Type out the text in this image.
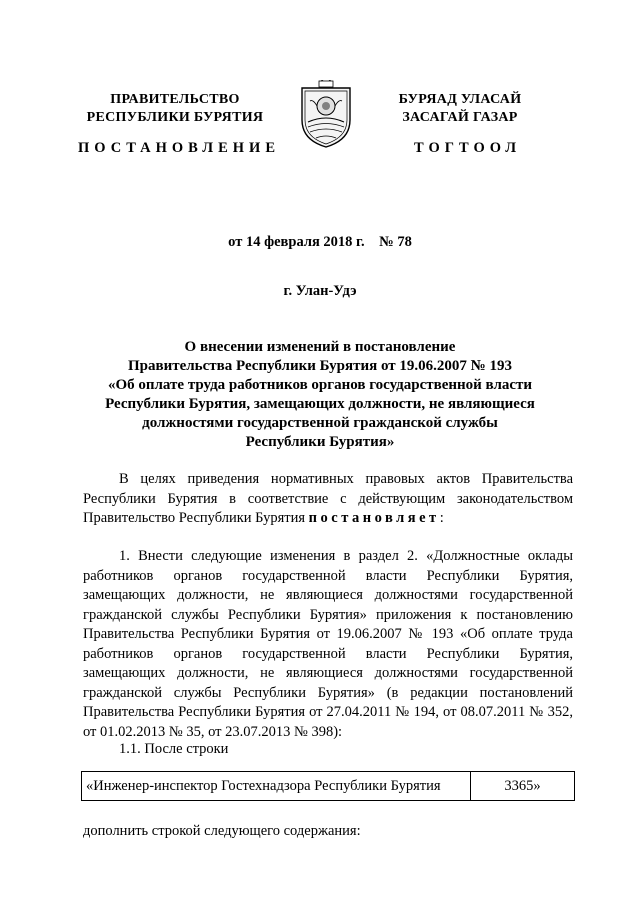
ПРАВИТЕЛЬСТВО
РЕСПУБЛИКИ БУРЯТИЯ
БУРЯАД УЛАСАЙ
ЗАСАГАЙ ГАЗАР
ПОСТАНОВЛЕНИЕ	ТОГТООЛ
от 14 февраля 2018 г. № 78
г. Улан-Удэ
О внесении изменений в постановление
Правительства Республики Бурятия от 19.06.2007 № 193
«Об оплате труда работников органов государственной власти
Республики Бурятия, замещающих должности, не являющиеся
должностями государственной гражданской службы
Республики Бурятия»
В целях приведения нормативных правовых актов Правительства Республики Бурятия в соответствие с действующим законодательством Правительство Республики Бурятия постановляет:
1. Внести следующие изменения в раздел 2. «Должностные оклады работников органов государственной власти Республики Бурятия, замещающих должности, не являющиеся должностями государственной гражданской службы Республики Бурятия» приложения к постановлению Правительства Республики Бурятия от 19.06.2007 № 193 «Об оплате труда работников органов государственной власти Республики Бурятия, замещающих должности, не являющиеся должностями государственной гражданской службы Республики Бурятия» (в редакции постановлений Правительства Республики Бурятия от 27.04.2011 № 194, от 08.07.2011 № 352, от 01.02.2013 № 35, от 23.07.2013 № 398):
1.1. После строки
«Инженер-инспектор Гостехнадзора Республики Бурятия	3365»
дополнить строкой следующего содержания:
